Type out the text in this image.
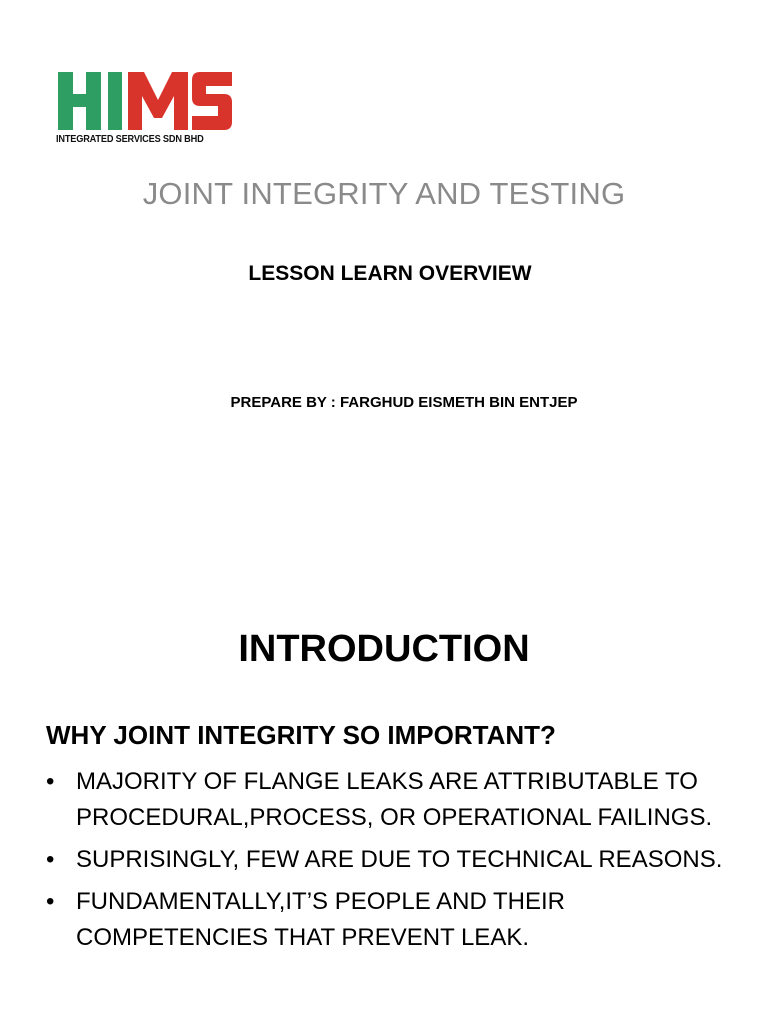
INTEGRATED SERVICES SDN BHD
JOINT INTEGRITY AND TESTING
LESSON LEARN OVERVIEW

PREPARE BY : FARGHUD EISMETH BIN ENTJEP

INTRODUCTION
WHY JOINT INTEGRITY SO IMPORTANT?
• MAJORITY OF FLANGE LEAKS ARE ATTRIBUTABLE TO PROCEDURAL,PROCESS, OR OPERATIONAL FAILINGS.
• SUPRISINGLY, FEW ARE DUE TO TECHNICAL REASONS.
• FUNDAMENTALLY,IT’S PEOPLE AND THEIR COMPETENCIES THAT PREVENT LEAK.
